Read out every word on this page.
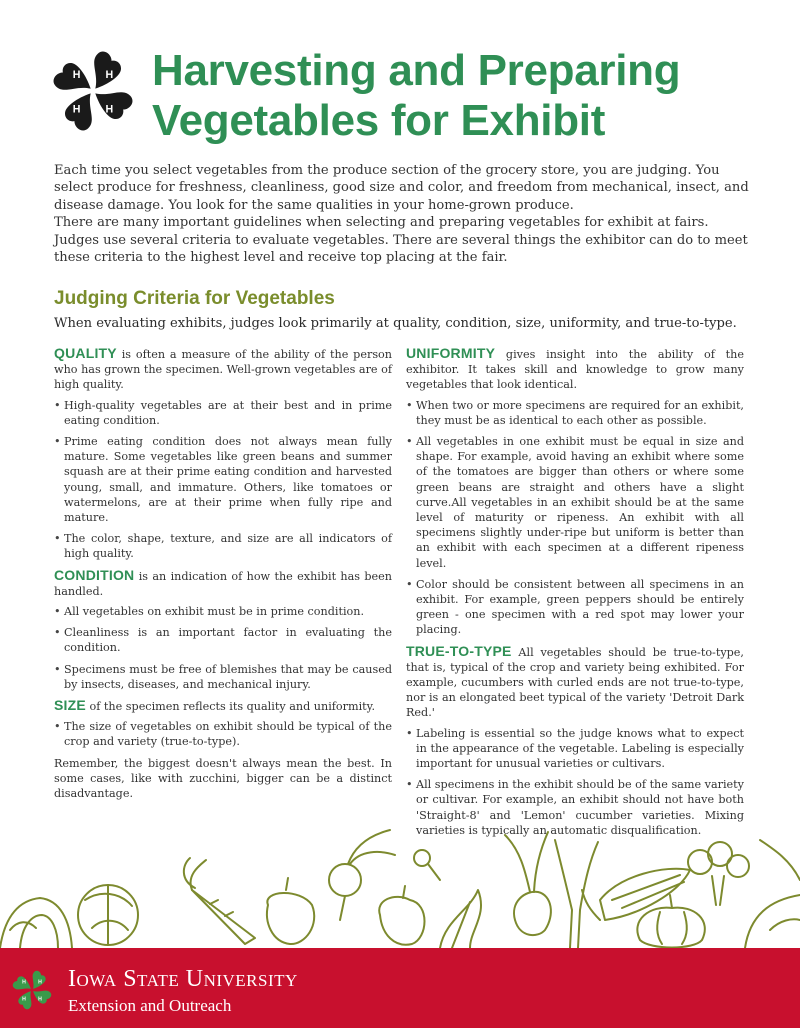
H H
H H
Harvesting and Preparing
Vegetables for Exhibit

Each time you select vegetables from the produce section of the grocery store, you are judging. You select produce for freshness, cleanliness, good size and color, and freedom from mechanical, insect, and disease damage. You look for the same qualities in your home-grown produce.

There are many important guidelines when selecting and preparing vegetables for exhibit at fairs. Judges use several criteria to evaluate vegetables. There are several things the exhibitor can do to meet these criteria to the highest level and receive top placing at the fair.

Judging Criteria for Vegetables

When evaluating exhibits, judges look primarily at quality, condition, size, uniformity, and true-to-type.

QUALITY is often a measure of the ability of the person who has grown the specimen. Well-grown vegetables are of high quality.

• High-quality vegetables are at their best and in prime eating condition.
• Prime eating condition does not always mean fully mature. Some vegetables like green beans and summer squash are at their prime eating condition and harvested young, small, and immature. Others, like tomatoes or watermelons, are at their prime when fully ripe and mature.
• The color, shape, texture, and size are all indicators of high quality.

CONDITION is an indication of how the exhibit has been handled.

• All vegetables on exhibit must be in prime condition.
• Cleanliness is an important factor in evaluating the condition.
• Specimens must be free of blemishes that may be caused by insects, diseases, and mechanical injury.

SIZE of the specimen reflects its quality and uniformity.

• The size of vegetables on exhibit should be typical of the crop and variety (true-to-type).

Remember, the biggest doesn't always mean the best. In some cases, like with zucchini, bigger can be a distinct disadvantage.

UNIFORMITY gives insight into the ability of the exhibitor. It takes skill and knowledge to grow many vegetables that look identical.

• When two or more specimens are required for an exhibit, they must be as identical to each other as possible.
• All vegetables in one exhibit must be equal in size and shape. For example, avoid having an exhibit where some of the tomatoes are bigger than others or where some green beans are straight and others have a slight curve.All vegetables in an exhibit should be at the same level of maturity or ripeness. An exhibit with all specimens slightly under-ripe but uniform is better than an exhibit with each specimen at a different ripeness level.
• Color should be consistent between all specimens in an exhibit. For example, green peppers should be entirely green - one specimen with a red spot may lower your placing.

TRUE-TO-TYPE All vegetables should be true-to-type, that is, typical of the crop and variety being exhibited. For example, cucumbers with curled ends are not true-to-type, nor is an elongated beet typical of the variety 'Detroit Dark Red.'

• Labeling is essential so the judge knows what to expect in the appearance of the vegetable. Labeling is especially important for unusual varieties or cultivars.
• All specimens in the exhibit should be of the same variety or cultivar. For example, an exhibit should not have both 'Straight-8' and 'Lemon' cucumber varieties. Mixing varieties is typically an automatic disqualification.
H H
H H
Iowa State University
Extension and Outreach
